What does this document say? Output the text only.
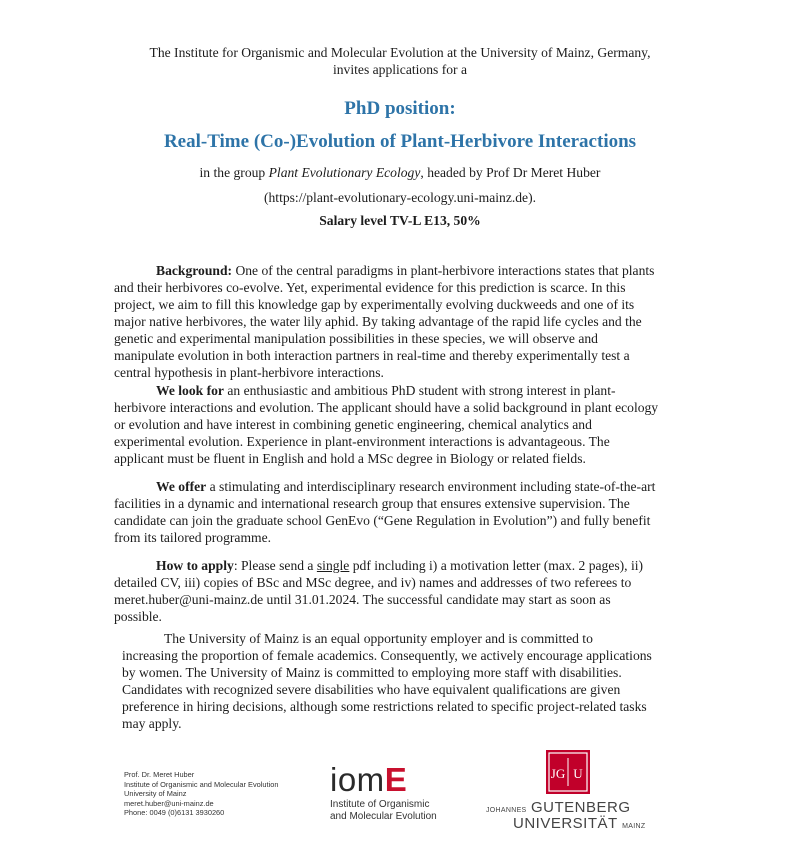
The Institute for Organismic and Molecular Evolution at the University of Mainz, Germany,
invites applications for a
PhD position:
Real-Time (Co-)Evolution of Plant-Herbivore Interactions
in the group Plant Evolutionary Ecology, headed by Prof Dr Meret Huber
(https://plant-evolutionary-ecology.uni-mainz.de).
Salary level TV-L E13, 50%

Background: One of the central paradigms in plant-herbivore interactions states that plants and their herbivores co-evolve. Yet, experimental evidence for this prediction is scarce. In this project, we aim to fill this knowledge gap by experimentally evolving duckweeds and one of its major native herbivores, the water lily aphid. By taking advantage of the rapid life cycles and the genetic and experimental manipulation possibilities in these species, we will observe and manipulate evolution in both interaction partners in real-time and thereby experimentally test a central hypothesis in plant-herbivore interactions.

We look for an enthusiastic and ambitious PhD student with strong interest in plant-herbivore interactions and evolution. The applicant should have a solid background in plant ecology or evolution and have interest in combining genetic engineering, chemical analytics and experimental evolution. Experience in plant-environment interactions is advantageous. The applicant must be fluent in English and hold a MSc degree in Biology or related fields.

We offer a stimulating and interdisciplinary research environment including state-of-the-art facilities in a dynamic and international research group that ensures extensive supervision. The candidate can join the graduate school GenEvo (“Gene Regulation in Evolution”) and fully benefit from its tailored programme.

How to apply: Please send a single pdf including i) a motivation letter (max. 2 pages), ii) detailed CV, iii) copies of BSc and MSc degree, and iv) names and addresses of two referees to meret.huber@uni-mainz.de until 31.01.2024. The successful candidate may start as soon as possible.

The University of Mainz is an equal opportunity employer and is committed to increasing the proportion of female academics. Consequently, we actively encourage applications by women. The University of Mainz is committed to employing more staff with disabilities. Candidates with recognized severe disabilities who have equivalent qualifications are given preference in hiring decisions, although some restrictions related to specific project-related tasks may apply.

Prof. Dr. Meret Huber
Institute of Organismic and Molecular Evolution
University of Mainz
meret.huber@uni-mainz.de
Phone: 0049 (0)6131 3930260
iomE
Institute of Organismic
and Molecular Evolution
JG U
JOHANNES GUTENBERG
UNIVERSITÄT MAINZ
